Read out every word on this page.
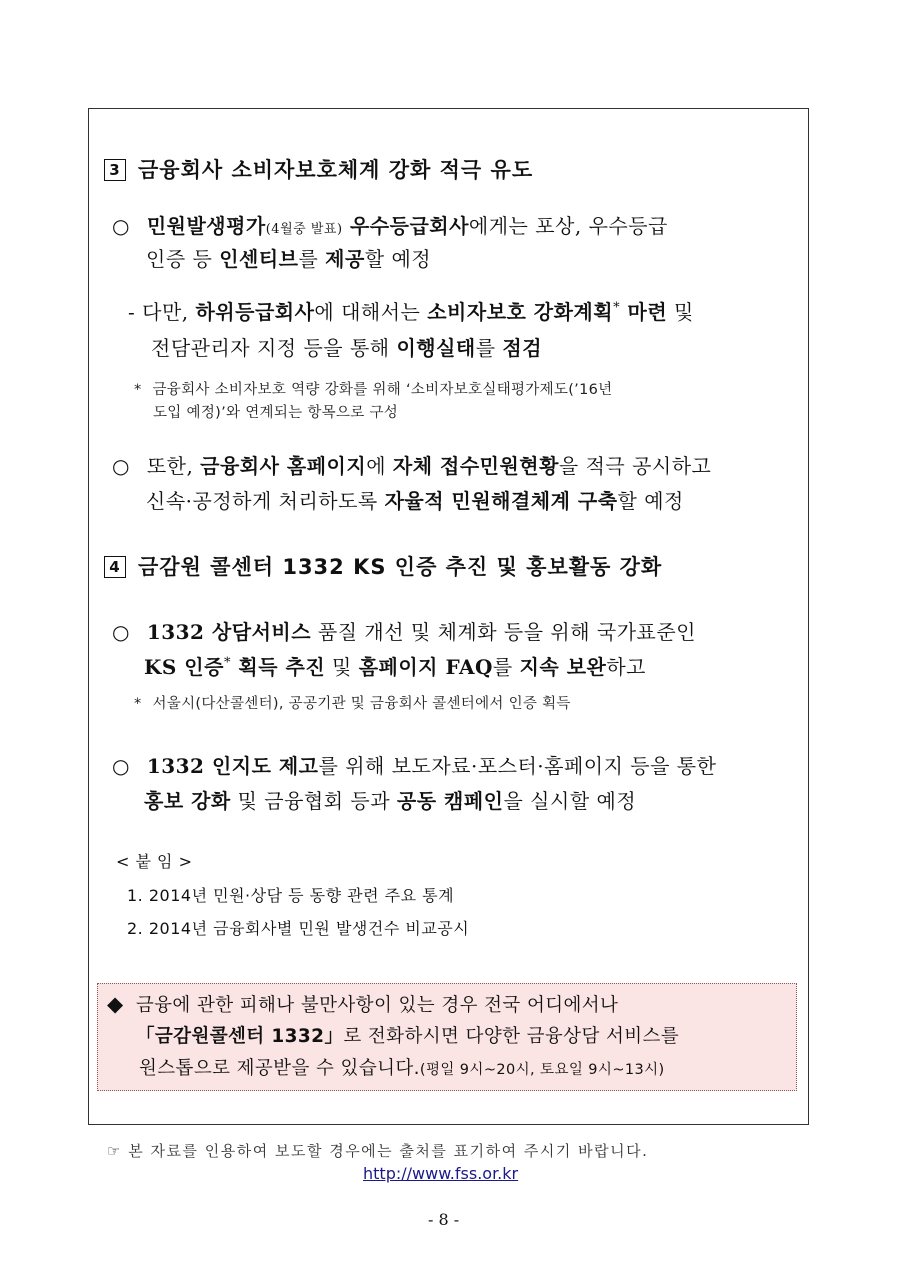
3 금융회사 소비자보호체계 강화 적극 유도
○ 민원발생평가(4월중 발표) 우수등급회사에게는 포상, 우수등급
인증 등 인센티브를 제공할 예정
- 다만, 하위등급회사에 대해서는 소비자보호 강화계획* 마련 및
전담관리자 지정 등을 통해 이행실태를 점검
* 금융회사 소비자보호 역량 강화를 위해 ‘소비자보호실태평가제도(’16년
도입 예정)’와 연계되는 항목으로 구성
○ 또한, 금융회사 홈페이지에 자체 접수민원현황을 적극 공시하고
신속·공정하게 처리하도록 자율적 민원해결체계 구축할 예정
4 금감원 콜센터 1332 KS 인증 추진 및 홍보활동 강화
○ 1332 상담서비스 품질 개선 및 체계화 등을 위해 국가표준인
KS 인증* 획득 추진 및 홈페이지 FAQ를 지속 보완하고
* 서울시(다산콜센터), 공공기관 및 금융회사 콜센터에서 인증 획득
○ 1332 인지도 제고를 위해 보도자료·포스터·홈페이지 등을 통한
홍보 강화 및 금융협회 등과 공동 캠페인을 실시할 예정
< 붙 임 >
1. 2014년 민원·상담 등 동향 관련 주요 통계
2. 2014년 금융회사별 민원 발생건수 비교공시
◆ 금융에 관한 피해나 불만사항이 있는 경우 전국 어디에서나
「금감원콜센터 1332」로 전화하시면 다양한 금융상담 서비스를
원스톱으로 제공받을 수 있습니다.(평일 9시~20시, 토요일 9시~13시)
☞ 본 자료를 인용하여 보도할 경우에는 출처를 표기하여 주시기 바랍니다.
http://www.fss.or.kr
- 8 -
